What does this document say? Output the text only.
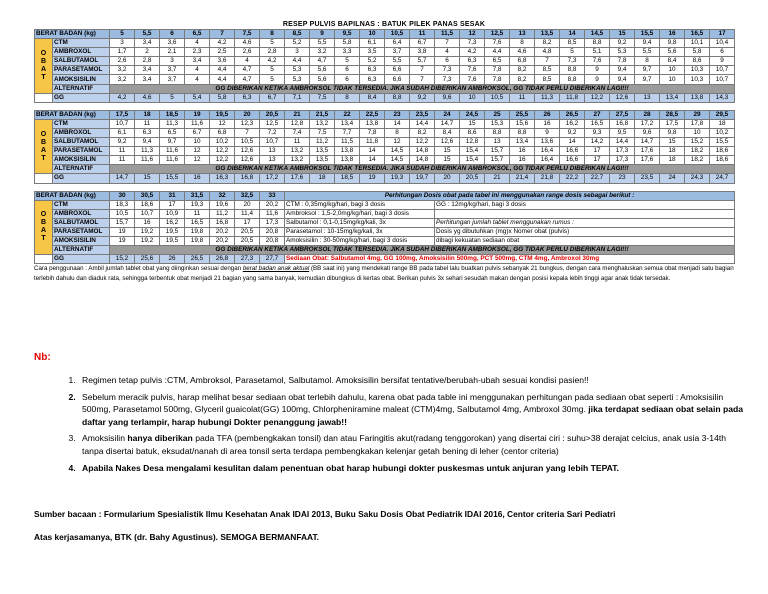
RESEP PULVIS BAPILNAS : BATUK PILEK PANAS SESAK
BERAT BADAN (kg)		5	5,5	6	6,5	7	7,5	8	8,5	9	9,5	10	10,5	11	11,5	12	12,5	13	13,5	14	14,5	15	15,5	16	16,5	17

O
B
A
T	CTM	3	3,4	3,6	4	4,2	4,6	5	5,2	5,5	5,8	6,1	6,4	6,7	7	7,3	7,6	8	8,2	8,5	8,8	9,2	9,4	9,8	10,1	10,4
	AMBROXOL	1,7	2	2,1	2,3	2,5	2,6	2,8	3	3,2	3,3	3,5	3,7	3,8	4	4,2	4,4	4,6	4,8	5	5,1	5,3	5,5	5,6	5,8	6
	SALBUTAMOL	2,6	2,8	3	3,4	3,6	4	4,2	4,4	4,7	5	5,2	5,5	5,7	6	6,3	6,5	6,8	7	7,3	7,6	7,8	8	8,4	8,6	9
	PARASETAMOL	3,2	3,4	3,7	4	4,4	4,7	5	5,3	5,6	6	6,3	6,6	7	7,3	7,6	7,8	8,2	8,5	8,8	9	9,4	9,7	10	10,3	10,7
	AMOKSISILIN	3,2	3,4	3,7	4	4,4	4,7	5	5,3	5,6	6	6,3	6,6	7	7,3	7,6	7,8	8,2	8,5	8,8	9	9,4	9,7	10	10,3	10,7
	ALTERNATIF	GG DIBERIKAN KETIKA AMBROKSOL TIDAK TERSEDIA. JIKA SUDAH DIBERIKAN AMBROKSOL, GG TIDAK PERLU DIBERIKAN LAGI!!!																								
	GG	4,2	4,6	5	5,4	5,8	6,3	6,7	7,1	7,5	8	8,4	8,8	9,2	9,6	10	10,5	11	11,3	11,8	12,2	12,6	13	13,4	13,8	14,3
BERAT BADAN (kg)		17,5	18	18,5	19	19,5	20	20,5	21	21,5	22	22,5	23	23,5	24	24,5	25	25,5	26	26,5	27	27,5	28	28,5	29	29,5

O
B
A
T	CTM	10,7	11	11,3	11,6	12	12,3	12,5	12,8	13,2	13,4	13,8	14	14,4	14,7	15	15,3	15,6	16	16,2	16,5	16,8	17,2	17,5	17,8	18
	AMBROXOL	6,1	6,3	6,5	6,7	6,8	7	7,2	7,4	7,5	7,7	7,8	8	8,2	8,4	8,6	8,8	8,8	9	9,2	9,3	9,5	9,6	9,8	10	10,2
	SALBUTAMOL	9,2	9,4	9,7	10	10,2	10,5	10,7	11	11,2	11,5	11,8	12	12,2	12,6	12,8	13	13,4	13,6	14	14,2	14,4	14,7	15	15,2	15,5
	PARASETAMOL	11	11,3	11,6	12	12,2	12,6	13	13,2	13,5	13,8	14	14,5	14,8	15	15,4	15,7	16	16,4	16,6	17	17,3	17,6	18	18,2	18,6
	AMOKSISILIN	11	11,6	11,6	12	12,2	12,6	13	13,2	13,5	13,8	14	14,5	14,8	15	15,4	15,7	16	16,4	16,6	17	17,3	17,6	18	18,2	18,6
	ALTERNATIF	GG DIBERIKAN KETIKA AMBROKSOL TIDAK TERSEDIA. JIKA SUDAH DIBERIKAN AMBROKSOL, GG TIDAK PERLU DIBERIKAN LAGI!!!																								
	GG	14,7	15	15,5	16	16,3	16,8	17,2	17,6	18	18,5	19	19,3	19,7	20	20,5	21	21,4	21,8	22,2	22,7	23	23,5	24	24,3	24,7
BERAT BADAN (kg)		30	30,5	31	31,5	32	32,5	33	Perhitungan Dosis obat pada tabel ini menggunakan range dosis sebagai berikut :	

O
B
A
T	CTM	18,3	18,6	17	19,3	19,6	20	20,2	CTM : 0,35mg/kg/hari, bagi 3 dosis	GG : 12mg/kg/hari, bagi 3 dosis
	AMBROXOL	10,5	10,7	10,9	11	11,2	11,4	11,6	Ambroksol : 1,5-2,0mg/kg/hari, bagi 3 dosis	
	SALBUTAMOL	15,7	16	16,2	16,5	16,8	17	17,3	Salbutamol : 0,1-0,15mg/kg/kali, 3x	Perhitungan jumlah tablet menggunakan rumus :
	PARASETAMOL	19	19,2	19,5	19,8	20,2	20,5	20,8	Parasetamol : 10-15mg/kg/kali, 3x	Dosis yg dibutuhkan (mg)x Nomer obat (pulvis)
	AMOKSISILIN	19	19,2	19,5	19,8	20,2	20,5	20,8	Amoksisilin : 30-50mg/kg/hari, bagi 3 dosis	dibagi kekuatan sediaan obat
	ALTERNATIF	GG DIBERIKAN KETIKA AMBROKSOL TIDAK TERSEDIA. JIKA SUDAH DIBERIKAN AMBROKSOL, GG TIDAK PERLU DIBERIKAN LAGI!!!								
	GG	15,2	25,6	26	26,5	26,8	27,3	27,7	Sediaan Obat: Salbutamol 4mg, GG 100mg, Amoksisilin 500mg, PCT 500mg, CTM 4mg, Ambroxol 30mg	
Cara penggunaan : Ambil jumlah tablet obat yang diinginkan sesuai dengan berat badan anak aktual (BB saat ini) yang mendekati range BB pada tabel lalu buatkan pulvis sebanyak 21 bungkus, dengan cara menghaluskan semua obat menjadi satu bagian terlebih dahulu dan diaduk rata, sehingga terbentuk obat menjadi 21 bagian yang sama banyak, kemudian dibungkus di kertas obat. Berikan pulvis 3x sehari sesudah makan dengan posisi kepala lebih tinggi agar anak tidak tersedak.
Nb:
1. Regimen tetap pulvis :CTM, Ambroksol, Parasetamol, Salbutamol. Amoksisilin bersifat tentative/berubah-ubah sesuai kondisi pasien!!
2. Sebelum meracik pulvis, harap melihat besar sediaan obat terlebih dahulu, karena obat pada table ini menggunakan perhitungan pada sediaan obat seperti : Amoksisilin 500mg, Parasetamol 500mg, Glyceril guaicolat(GG) 100mg, Chlorpheniramine maleat (CTM)4mg, Salbutamol 4mg, Ambroxol 30mg. jika terdapat sediaan obat selain pada daftar yang terlampir, harap hubungi Dokter penanggung jawab!!
3. Amoksisilin hanya diberikan pada TFA (pembengkakan tonsil) dan atau Faringitis akut(radang tenggorokan) yang disertai ciri : suhu>38 derajat celcius, anak usia 3-14th tanpa disertai batuk, eksudat/nanah di area tonsil serta terdapa pembengkakan kelenjar getah bening di leher (centor criteria)
4. Apabila Nakes Desa mengalami kesulitan dalam penentuan obat harap hubungi dokter puskesmas untuk anjuran yang lebih TEPAT.
Sumber bacaan : Formularium Spesialistik Ilmu Kesehatan Anak IDAI 2013, Buku Saku Dosis Obat Pediatrik IDAI 2016, Centor criteria Sari Pediatri
Atas kerjasamanya, BTK (dr. Bahy Agustinus). SEMOGA BERMANFAAT.
